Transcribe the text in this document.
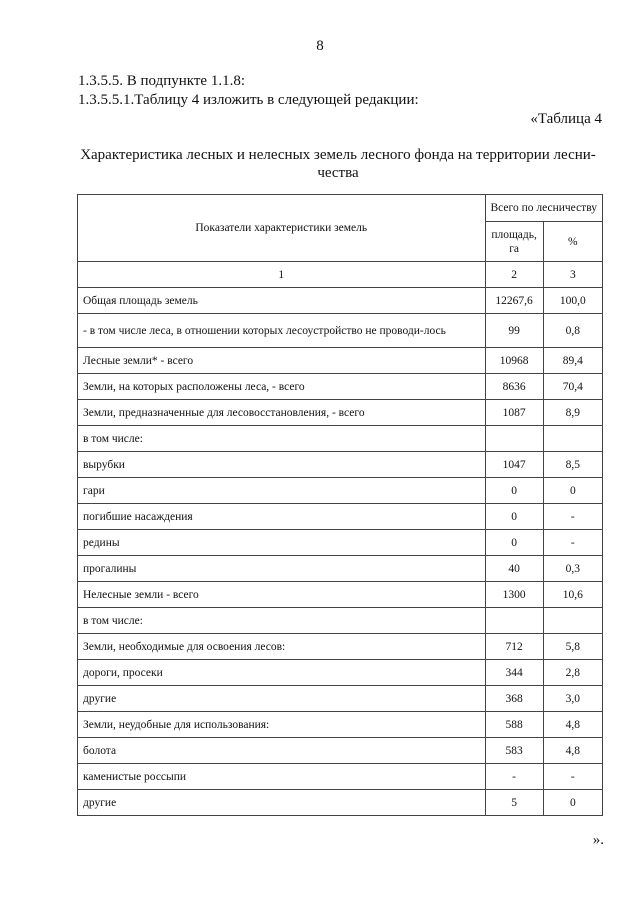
8
1.3.5.5. В подпункте 1.1.8:
1.3.5.5.1.Таблицу 4 изложить в следующей редакции:
«Таблица 4
Характеристика лесных и нелесных земель лесного фонда на территории лесни-чества
Показатели характеристики земель	Всего по лесничеству	
	площадь, га	%
1	2	3
Общая площадь земель	12267,6	100,0
- в том числе леса, в отношении которых лесоустройство не проводи-лось	99	0,8
Лесные земли* - всего	10968	89,4
Земли, на которых расположены леса, - всего	8636	70,4
Земли, предназначенные для лесовосстановления, - всего	1087	8,9
в том числе:		
вырубки	1047	8,5
гари	0	0
погибшие насаждения	0	-
редины	0	-
прогалины	40	0,3
Нелесные земли - всего	1300	10,6
в том числе:		
Земли, необходимые для освоения лесов:	712	5,8
дороги, просеки	344	2,8
другие	368	3,0
Земли, неудобные для использования:	588	4,8
болота	583	4,8
каменистые россыпи	-	-
другие	5	0
».
